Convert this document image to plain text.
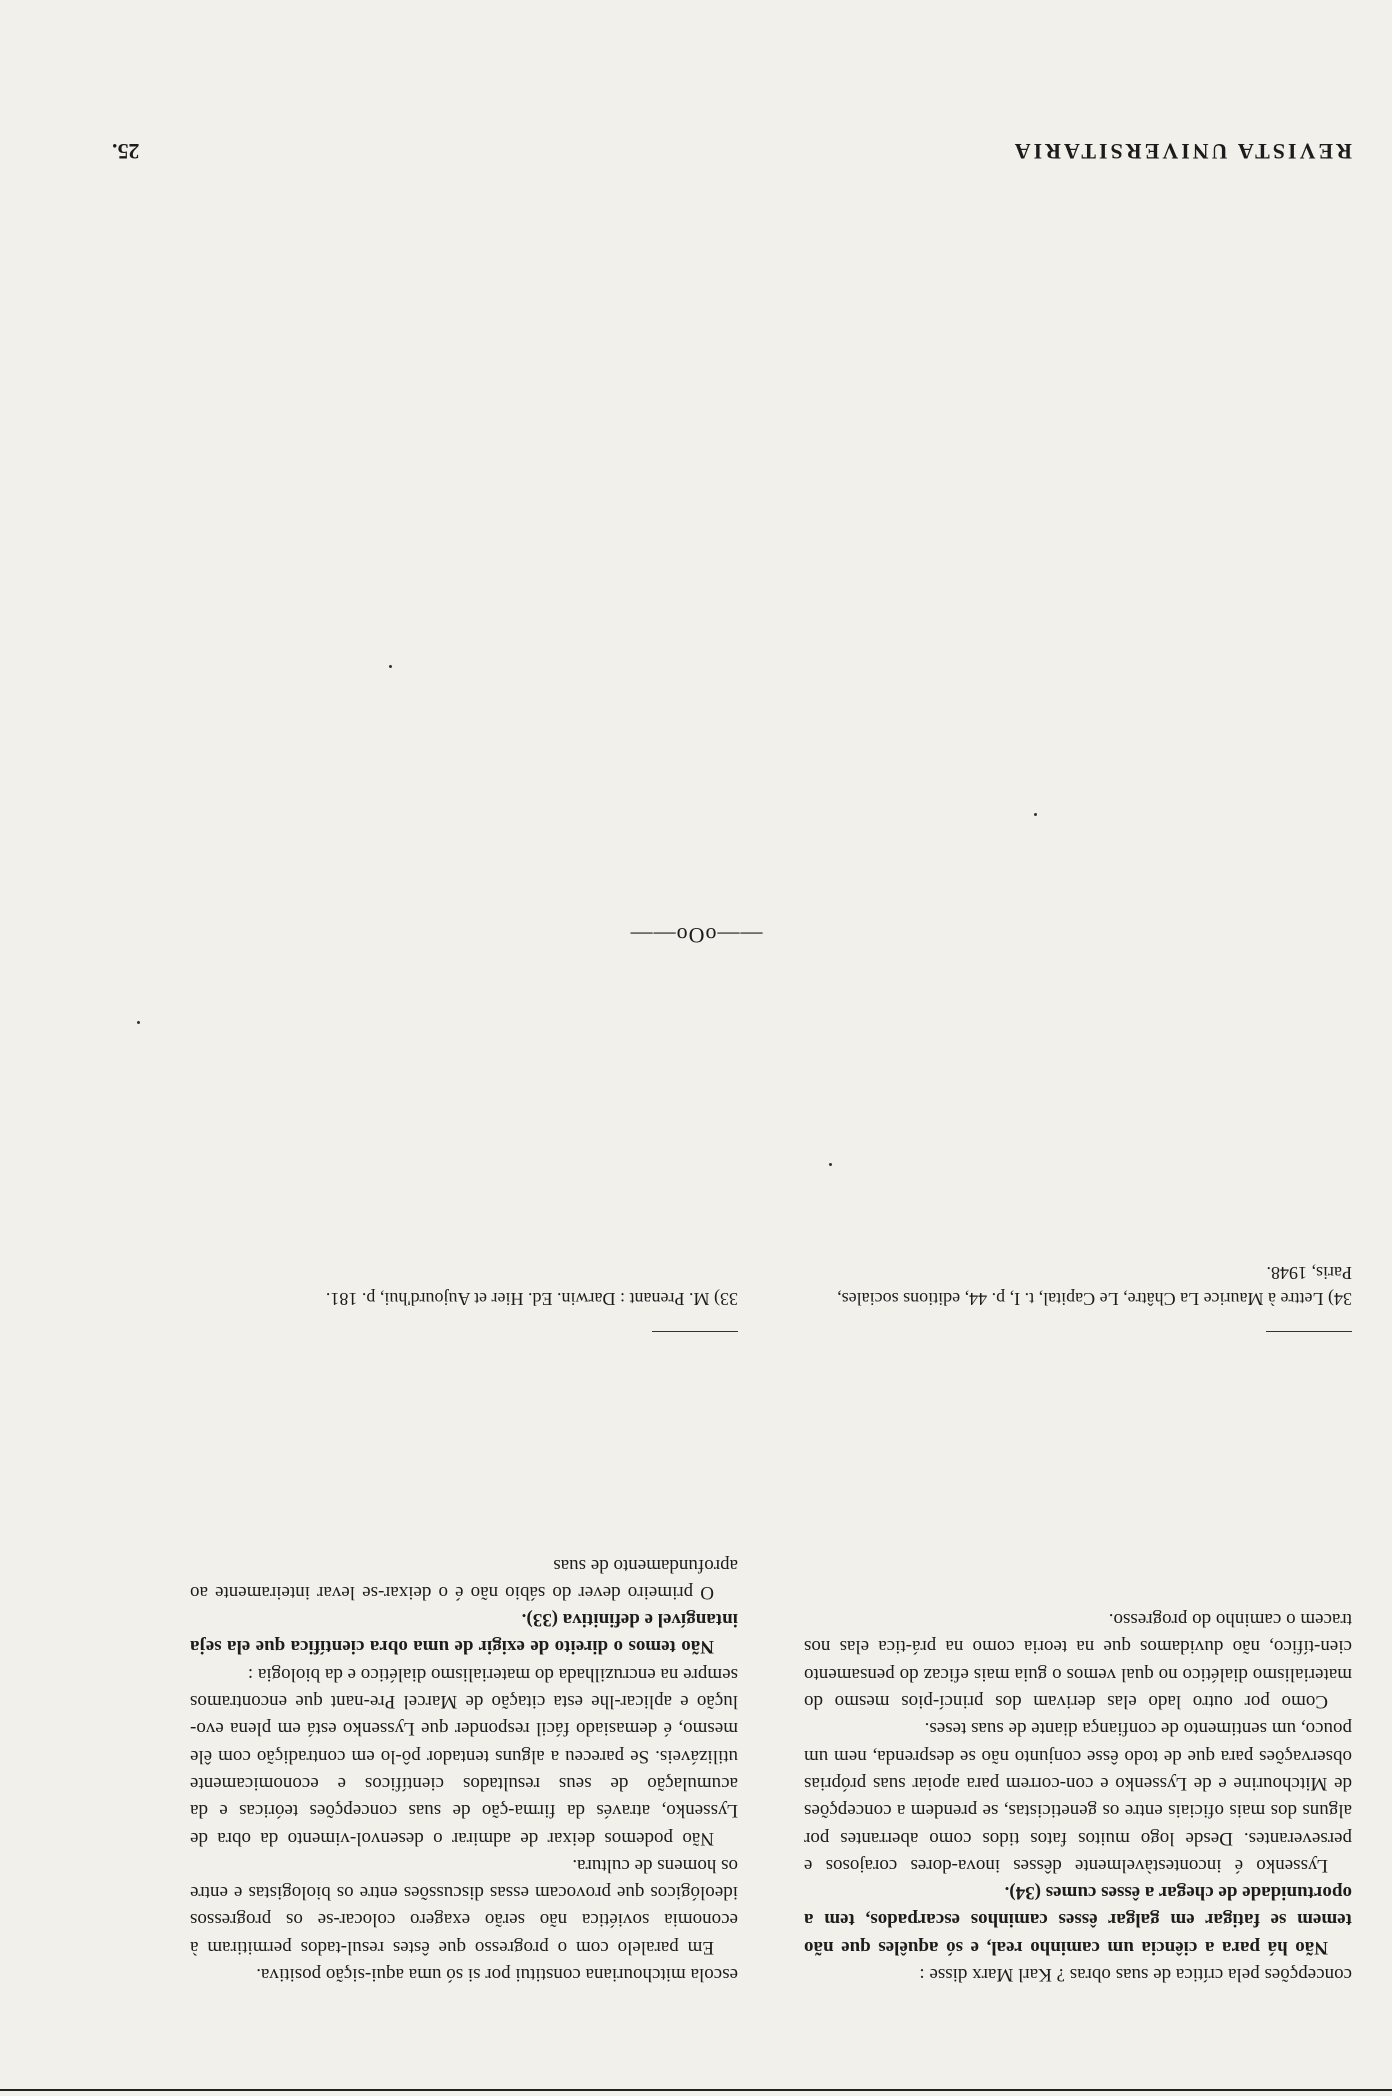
REVISTA UNIVERSITARIA
25.

escola mitchouriana constitui por si só uma aqui-sição positiva.

Em paralelo com o progresso que êstes resul-tados permitiram à economia soviética não serão exagero colocar-se os progressos ideológicos que provocam essas discussões entre os biologistas e entre os homens de cultura.

Não podemos deixar de admirar o desenvol-vimento da obra de Lyssenko, através da firma-ção de suas concepções teóricas e da acumulação de seus resultados científicos e economicamente utilizáveis. Se pareceu a alguns tentador pô-lo em contradição com êle mesmo, é demasiado fácil responder que Lyssenko está em plena evo-lução e aplicar-lhe esta citação de Marcel Pre-nant que encontramos sempre na encruzilhada do materialismo dialético e da biologia :

Não temos o direito de exigir de uma obra científica que ela seja intangível e definitiva (33).

O primeiro dever do sábio não é o deixar-se levar inteiramente ao aprofundamento de suas

concepções pela crítica de suas obras ? Karl Marx disse :

Não há para a ciência um caminho real, e só aquêles que não temem se fatigar em galgar êsses caminhos escarpados, tem a oportunidade de chegar a êsses cumes (34).

Lyssenko é incontestàvelmente dêsses inova-dores corajosos e perseverantes. Desde logo muitos fatos tidos como aberrantes por alguns dos mais oficiais entre os geneticistas, se prendem a concepções de Mitchourine e de Lyssenko e con-correm para apoiar suas próprias observações para que de todo êsse conjunto não se desprenda, nem um pouco, um sentimento de confiança diante de suas teses.

Como por outro lado elas derivam dos princí-pios mesmo do materialismo dialético no qual vemos o guia mais eficaz do pensamento cien-tífico, não duvidamos que na teoria como na prá-tica elas nos tracem o caminho do progresso.

33) M. Prenant : Darwin. Ed. Hier et Aujourd'hui, p. 181.	34) Lettre à Maurice La Châtre, Le Capital, t. I, p. 44, editions sociales, Paris, 1948.
——oOo——
